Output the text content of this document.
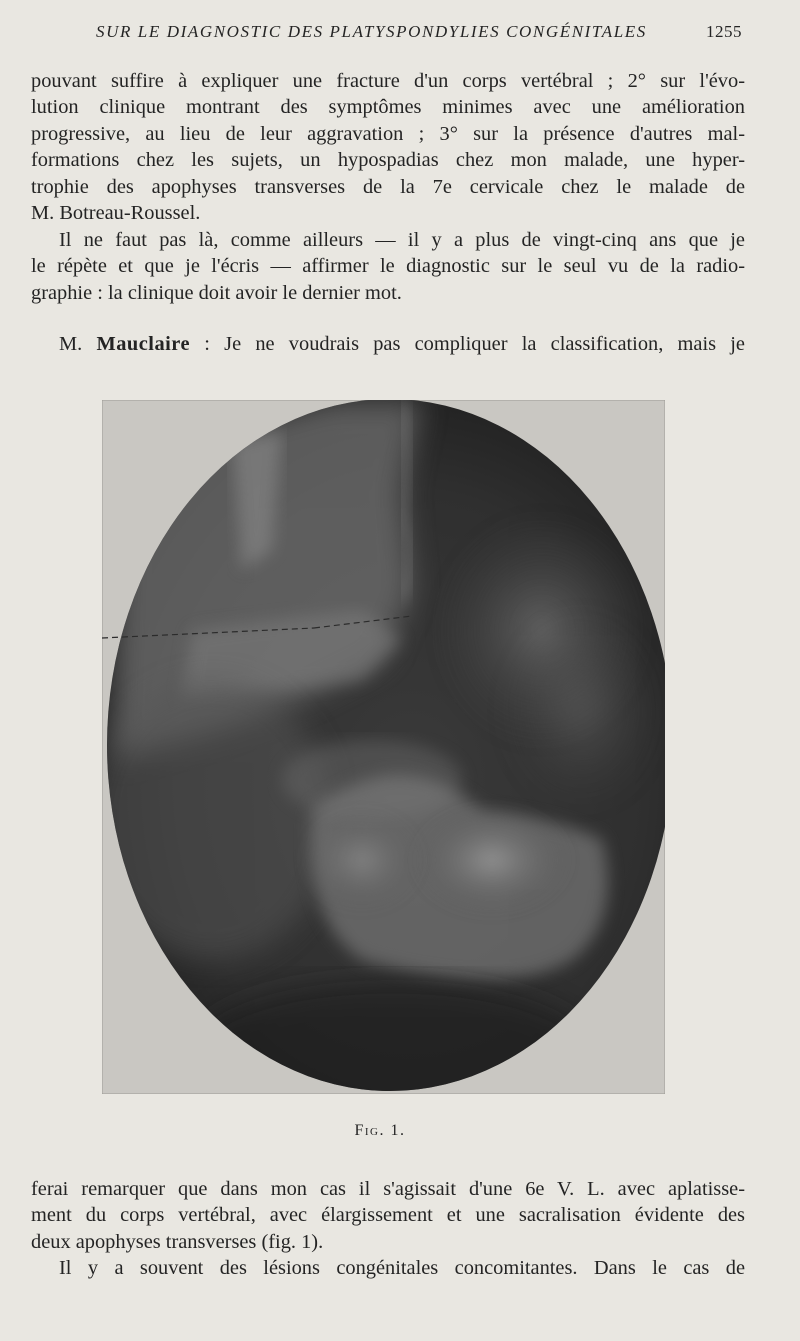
SUR LE DIAGNOSTIC DES PLATYSPONDYLIES CONGÉNITALES	1255

pouvant suffire à expliquer une fracture d'un corps vertébral ; 2° sur l'évo-

lution clinique montrant des symptômes minimes avec une amélioration

progressive, au lieu de leur aggravation ; 3° sur la présence d'autres mal-

formations chez les sujets, un hypospadias chez mon malade, une hyper-

trophie des apophyses transverses de la 7e cervicale chez le malade de

M. Botreau-Roussel.

Il ne faut pas là, comme ailleurs — il y a plus de vingt-cinq ans que je

le répète et que je l'écris — affirmer le diagnostic sur le seul vu de la radio-

graphie : la clinique doit avoir le dernier mot.

M. Mauclaire : Je ne voudrais pas compliquer la classification, mais je

Fig. 1.

ferai remarquer que dans mon cas il s'agissait d'une 6e V. L. avec aplatisse-

ment du corps vertébral, avec élargissement et une sacralisation évidente des

deux apophyses transverses (fig. 1).

Il y a souvent des lésions congénitales concomitantes. Dans le cas de
